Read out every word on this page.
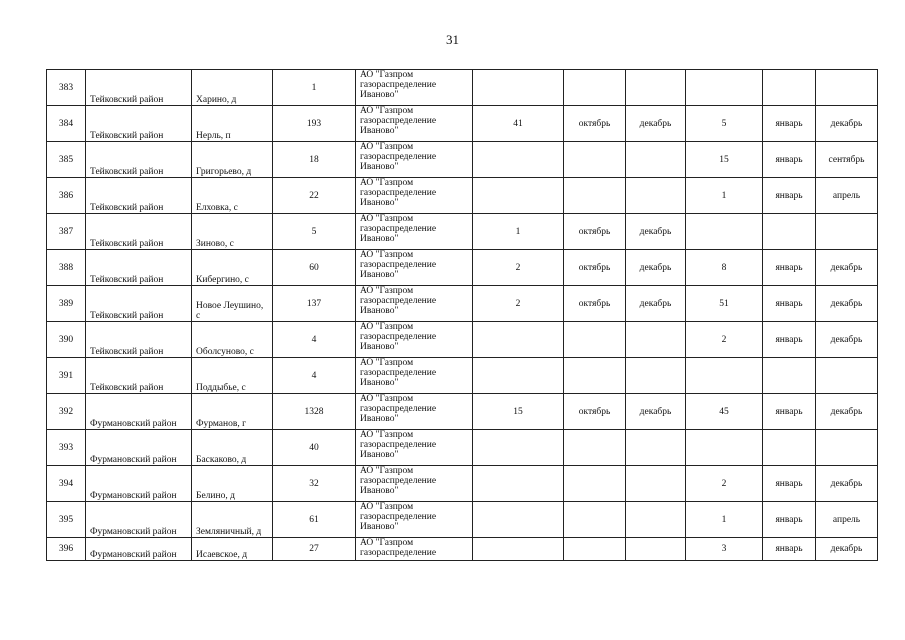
31
383	Тейковский район	Харино, д	1	АО "Газпром газораспределение Иваново"						
384	Тейковский район	Нерль, п	193	АО "Газпром газораспределение Иваново"	41	октябрь	декабрь	5	январь	декабрь
385	Тейковский район	Григорьево, д	18	АО "Газпром газораспределение Иваново"				15	январь	сентябрь
386	Тейковский район	Елховка, с	22	АО "Газпром газораспределение Иваново"				1	январь	апрель
387	Тейковский район	Зиново, с	5	АО "Газпром газораспределение Иваново"	1	октябрь	декабрь			
388	Тейковский район	Кибергино, с	60	АО "Газпром газораспределение Иваново"	2	октябрь	декабрь	8	январь	декабрь
389	Тейковский район	Новое Леушино, с	137	АО "Газпром газораспределение Иваново"	2	октябрь	декабрь	51	январь	декабрь
390	Тейковский район	Оболсуново, с	4	АО "Газпром газораспределение Иваново"				2	январь	декабрь
391	Тейковский район	Поддыбье, с	4	АО "Газпром газораспределение Иваново"						
392	Фурмановский район	Фурманов, г	1328	АО "Газпром газораспределение Иваново"	15	октябрь	декабрь	45	январь	декабрь
393	Фурмановский район	Баскаково, д	40	АО "Газпром газораспределение Иваново"						
394	Фурмановский район	Белино, д	32	АО "Газпром газораспределение Иваново"				2	январь	декабрь
395	Фурмановский район	Земляничный, д	61	АО "Газпром газораспределение Иваново"				1	январь	апрель
396	Фурмановский район	Исаевское, д	27	АО "Газпром газораспределение				3	январь	декабрь
